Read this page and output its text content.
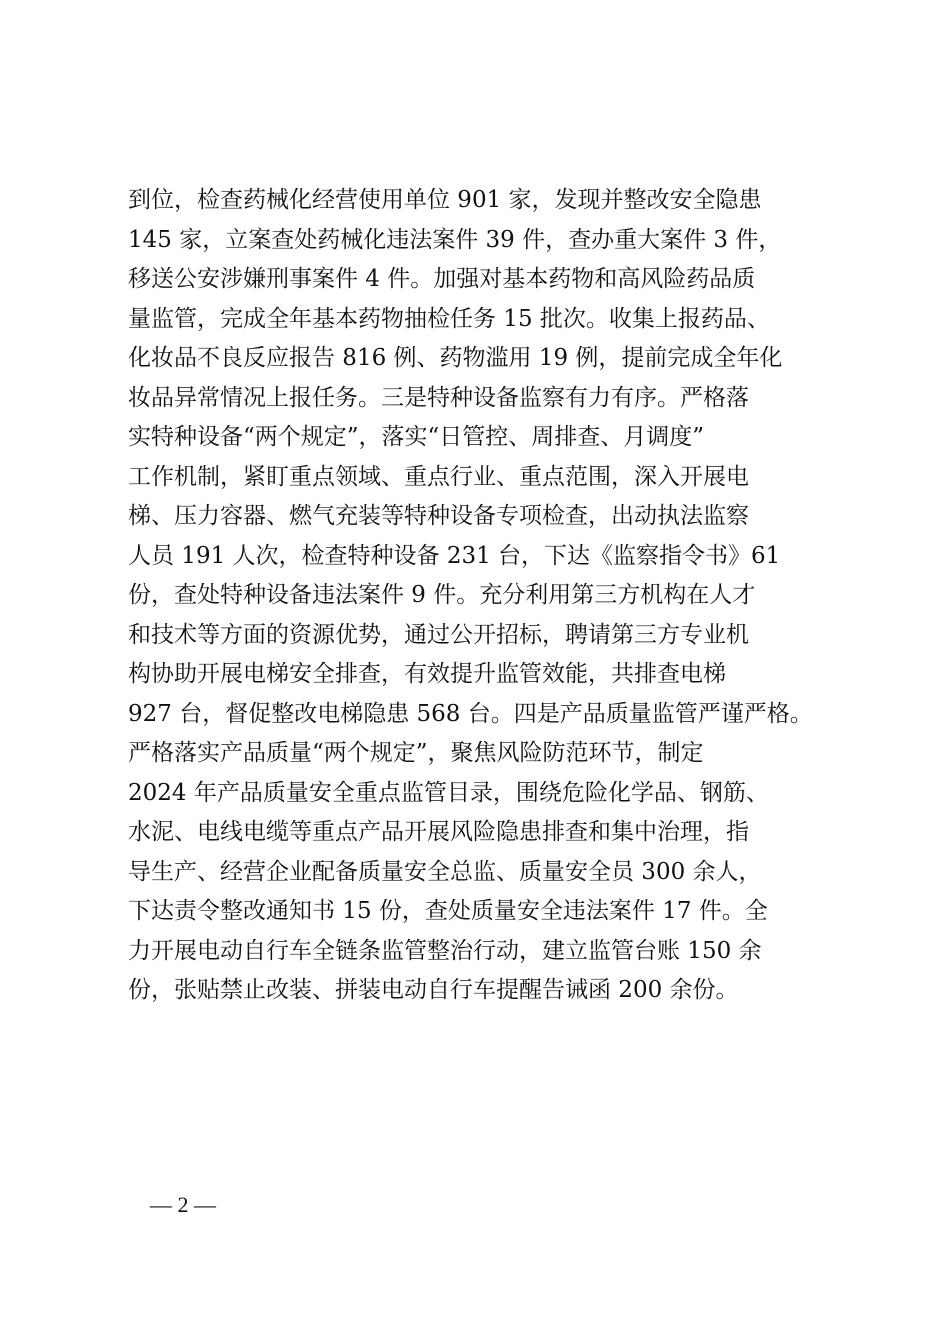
到位，检查药械化经营使用单位 901 家，发现并整改安全隐患
145 家，立案查处药械化违法案件 39 件，查办重大案件 3 件，
移送公安涉嫌刑事案件 4 件。加强对基本药物和高风险药品质
量监管，完成全年基本药物抽检任务 15 批次。收集上报药品、
化妆品不良反应报告 816 例、药物滥用 19 例，提前完成全年化
妆品异常情况上报任务。三是特种设备监察有力有序。严格落
实特种设备“两个规定”，落实“日管控、周排查、月调度”
工作机制，紧盯重点领域、重点行业、重点范围，深入开展电
梯、压力容器、燃气充装等特种设备专项检查，出动执法监察
人员 191 人次，检查特种设备 231 台，下达《监察指令书》61
份，查处特种设备违法案件 9 件。充分利用第三方机构在人才
和技术等方面的资源优势，通过公开招标，聘请第三方专业机
构协助开展电梯安全排查，有效提升监管效能，共排查电梯
927 台，督促整改电梯隐患 568 台。四是产品质量监管严谨严格。
严格落实产品质量“两个规定”，聚焦风险防范环节，制定
2024 年产品质量安全重点监管目录，围绕危险化学品、钢筋、
水泥、电线电缆等重点产品开展风险隐患排查和集中治理，指
导生产、经营企业配备质量安全总监、质量安全员 300 余人，
下达责令整改通知书 15 份，查处质量安全违法案件 17 件。全
力开展电动自行车全链条监管整治行动，建立监管台账 150 余
份，张贴禁止改装、拼装电动自行车提醒告诫函 200 余份。
— 2 —
